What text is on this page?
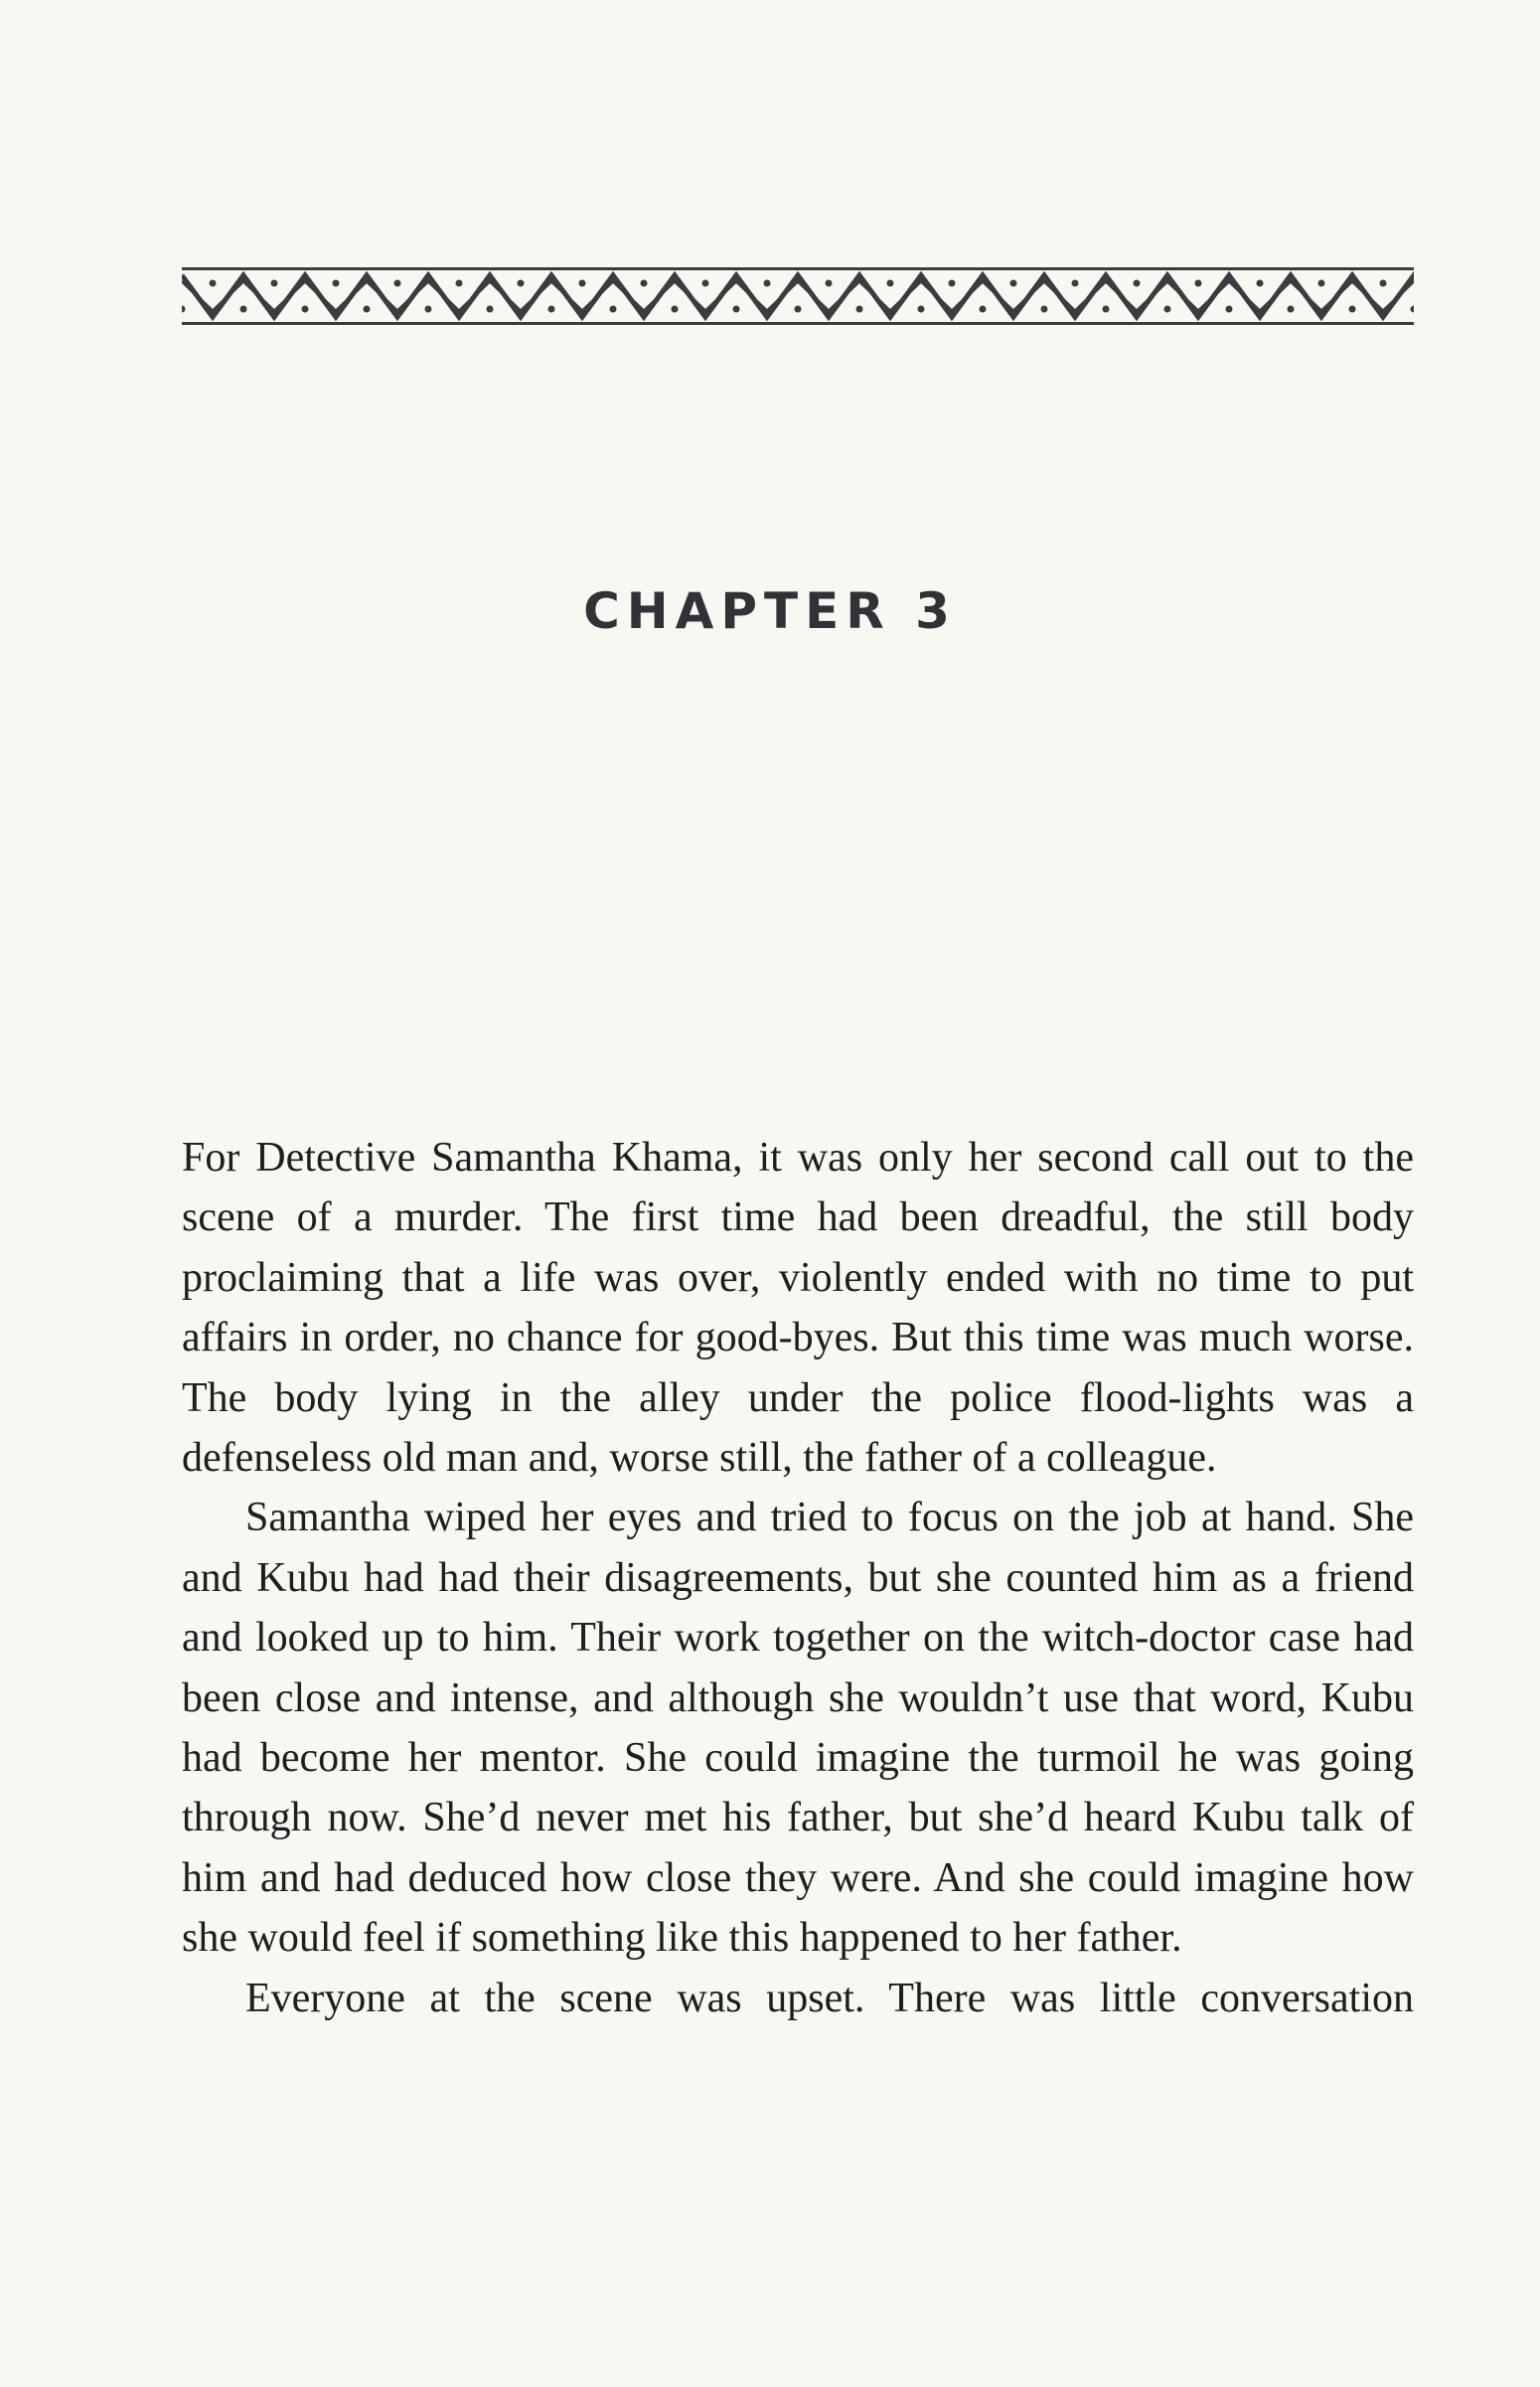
CHAPTER 3

For Detective Samantha Khama, it was only her second call out to the scene of a murder. The first time had been dreadful, the still body proclaiming that a life was over, violently ended with no time to put affairs in order, no chance for good-byes. But this time was much worse. The body lying in the alley under the police flood-lights was a defenseless old man and, worse still, the father of a colleague.

Samantha wiped her eyes and tried to focus on the job at hand. She and Kubu had had their disagreements, but she counted him as a friend and looked up to him. Their work together on the witch-doctor case had been close and intense, and although she wouldn’t use that word, Kubu had become her mentor. She could imagine the turmoil he was going through now. She’d never met his father, but she’d heard Kubu talk of him and had deduced how close they were. And she could imagine how she would feel if something like this happened to her father.

Everyone at the scene was upset. There was little conversation
